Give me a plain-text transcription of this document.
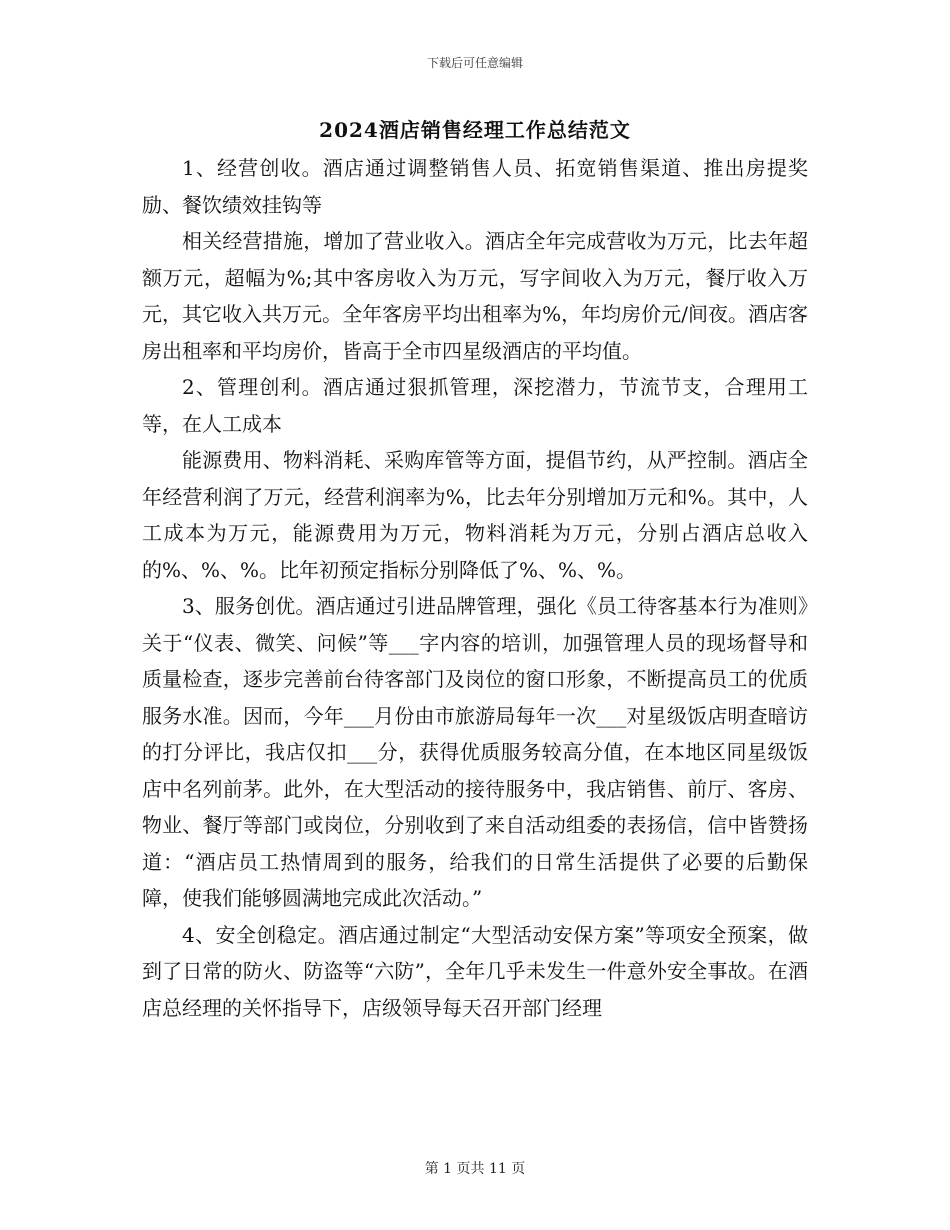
下载后可任意编辑
2024酒店销售经理工作总结范文

1、经营创收。酒店通过调整销售人员、拓宽销售渠道、推出房提奖励、餐饮绩效挂钩等

相关经营措施，增加了营业收入。酒店全年完成营收为万元，比去年超额万元，超幅为%;其中客房收入为万元，写字间收入为万元，餐厅收入万元，其它收入共万元。全年客房平均出租率为%，年均房价元/间夜。酒店客房出租率和平均房价，皆高于全市四星级酒店的平均值。

2、管理创利。酒店通过狠抓管理，深挖潜力，节流节支，合理用工等，在人工成本

能源费用、物料消耗、采购库管等方面，提倡节约，从严控制。酒店全年经营利润了万元，经营利润率为%，比去年分别增加万元和%。其中，人工成本为万元，能源费用为万元，物料消耗为万元，分别占酒店总收入的%、%、%。比年初预定指标分别降低了%、%、%。

3、服务创优。酒店通过引进品牌管理，强化《员工待客基本行为准则》关于“仪表、微笑、问候”等___字内容的培训，加强管理人员的现场督导和质量检查，逐步完善前台待客部门及岗位的窗口形象，不断提高员工的优质服务水准。因而，今年___月份由市旅游局每年一次___对星级饭店明查暗访的打分评比，我店仅扣___分，获得优质服务较高分值，在本地区同星级饭店中名列前茅。此外，在大型活动的接待服务中，我店销售、前厅、客房、物业、餐厅等部门或岗位，分别收到了来自活动组委的表扬信，信中皆赞扬道：“酒店员工热情周到的服务，给我们的日常生活提供了必要的后勤保障，使我们能够圆满地完成此次活动。”

4、安全创稳定。酒店通过制定“大型活动安保方案”等项安全预案，做到了日常的防火、防盗等“六防”，全年几乎未发生一件意外安全事故。在酒店总经理的关怀指导下，店级领导每天召开部门经理

第 1 页共 11 页
